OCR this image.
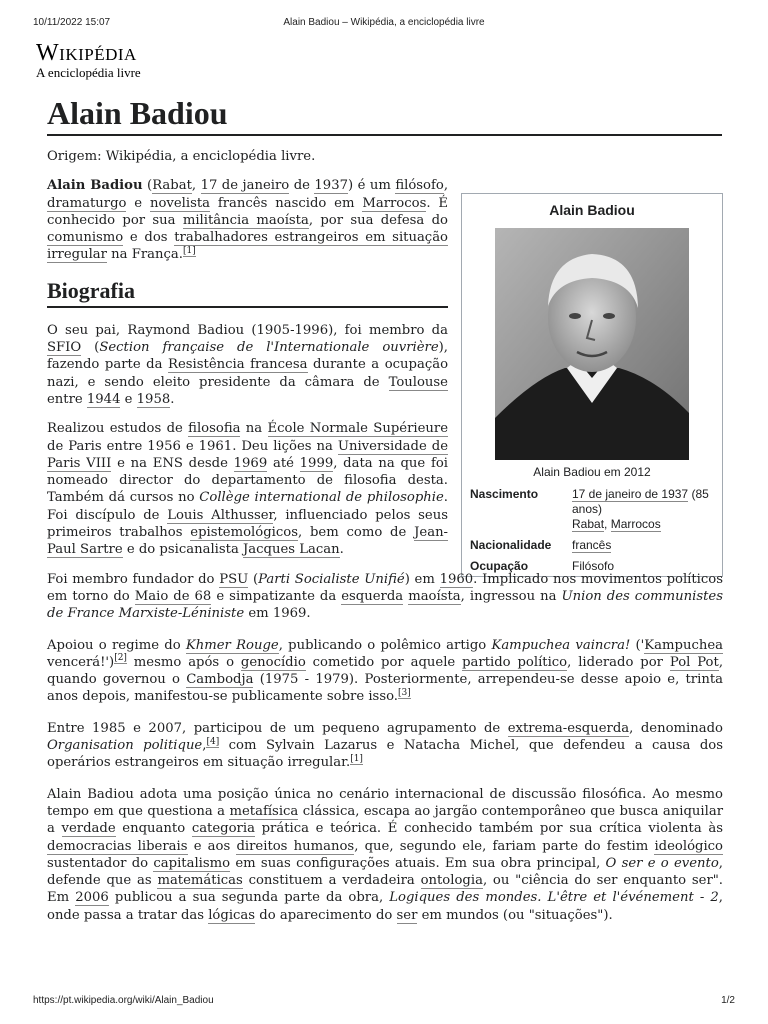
10/11/2022 15:07	Alain Badiou – Wikipédia, a enciclopédia livre
Wikipédia
A enciclopédia livre
Alain Badiou
Alain Badiou
Alain Badiou em 2012
Nascimento	17 de janeiro de 1937 (85 anos)
Rabat, Marrocos
Nacionalidade	francês
Ocupação	Filósofo
Origem: Wikipédia, a enciclopédia livre.

Alain Badiou (Rabat, 17 de janeiro de 1937) é um filósofo, dramaturgo e novelista francês nascido em Marrocos. É conhecido por sua militância maoísta, por sua defesa do comunismo e dos trabalhadores estrangeiros em situação irregular na França.[1]

Biografia

O seu pai, Raymond Badiou (1905-1996), foi membro da SFIO (Section française de l'Internationale ouvrière), fazendo parte da Resistência francesa durante a ocupação nazi, e sendo eleito presidente da câmara de Toulouse entre 1944 e 1958.

Realizou estudos de filosofia na École Normale Supérieure de Paris entre 1956 e 1961. Deu lições na Universidade de Paris VIII e na ENS desde 1969 até 1999, data na que foi nomeado director do departamento de filosofia desta. Também dá cursos no Collège international de philosophie. Foi discípulo de Louis Althusser, influenciado pelos seus primeiros trabalhos epistemológicos, bem como de Jean-Paul Sartre e do psicanalista Jacques Lacan.

Foi membro fundador do PSU (Parti Socialiste Unifié) em 1960. Implicado nos movimentos políticos em torno do Maio de 68 e simpatizante da esquerda maoísta, ingressou na Union des communistes de France Marxiste-Léniniste em 1969.

Apoiou o regime do Khmer Rouge, publicando o polêmico artigo Kampuchea vaincra! ('Kampuchea vencerá!')[2] mesmo após o genocídio cometido por aquele partido político, liderado por Pol Pot, quando governou o Cambodja (1975 - 1979). Posteriormente, arrependeu-se desse apoio e, trinta anos depois, manifestou-se publicamente sobre isso.[3]

Entre 1985 e 2007, participou de um pequeno agrupamento de extrema-esquerda, denominado Organisation politique,[4] com Sylvain Lazarus e Natacha Michel, que defendeu a causa dos operários estrangeiros em situação irregular.[1]

Alain Badiou adota uma posição única no cenário internacional de discussão filosófica. Ao mesmo tempo em que questiona a metafísica clássica, escapa ao jargão contemporâneo que busca aniquilar a verdade enquanto categoria prática e teórica. É conhecido também por sua crítica violenta às democracias liberais e aos direitos humanos, que, segundo ele, fariam parte do festim ideológico sustentador do capitalismo em suas configurações atuais. Em sua obra principal, O ser e o evento, defende que as matemáticas constituem a verdadeira ontologia, ou "ciência do ser enquanto ser". Em 2006 publicou a sua segunda parte da obra, Logiques des mondes. L'être et l'événement - 2, onde passa a tratar das lógicas do aparecimento do ser em mundos (ou "situações").

https://pt.wikipedia.org/wiki/Alain_Badiou	1/2
